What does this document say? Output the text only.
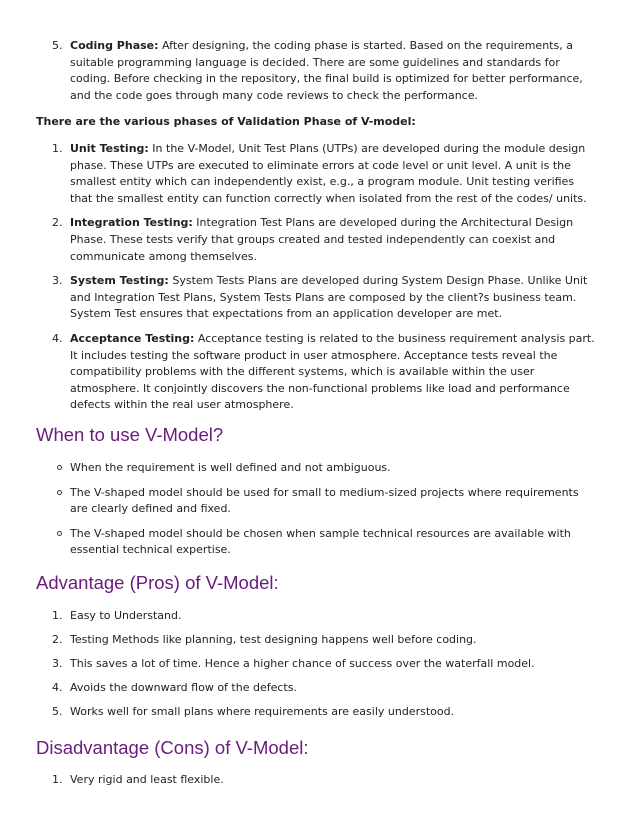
5. Coding Phase: After designing, the coding phase is started. Based on the requirements, a suitable programming language is decided. There are some guidelines and standards for coding. Before checking in the repository, the final build is optimized for better performance, and the code goes through many code reviews to check the performance.
There are the various phases of Validation Phase of V-model:
1. Unit Testing: In the V-Model, Unit Test Plans (UTPs) are developed during the module design phase. These UTPs are executed to eliminate errors at code level or unit level. A unit is the smallest entity which can independently exist, e.g., a program module. Unit testing verifies that the smallest entity can function correctly when isolated from the rest of the codes/ units.
2. Integration Testing: Integration Test Plans are developed during the Architectural Design Phase. These tests verify that groups created and tested independently can coexist and communicate among themselves.
3. System Testing: System Tests Plans are developed during System Design Phase. Unlike Unit and Integration Test Plans, System Tests Plans are composed by the client?s business team. System Test ensures that expectations from an application developer are met.
4. Acceptance Testing: Acceptance testing is related to the business requirement analysis part. It includes testing the software product in user atmosphere. Acceptance tests reveal the compatibility problems with the different systems, which is available within the user atmosphere. It conjointly discovers the non-functional problems like load and performance defects within the real user atmosphere.
When to use V-Model?
When the requirement is well defined and not ambiguous.
The V-shaped model should be used for small to medium-sized projects where requirements are clearly defined and fixed.
The V-shaped model should be chosen when sample technical resources are available with essential technical expertise.
Advantage (Pros) of V-Model:
1. Easy to Understand.
2. Testing Methods like planning, test designing happens well before coding.
3. This saves a lot of time. Hence a higher chance of success over the waterfall model.
4. Avoids the downward flow of the defects.
5. Works well for small plans where requirements are easily understood.
Disadvantage (Cons) of V-Model:
1. Very rigid and least flexible.
